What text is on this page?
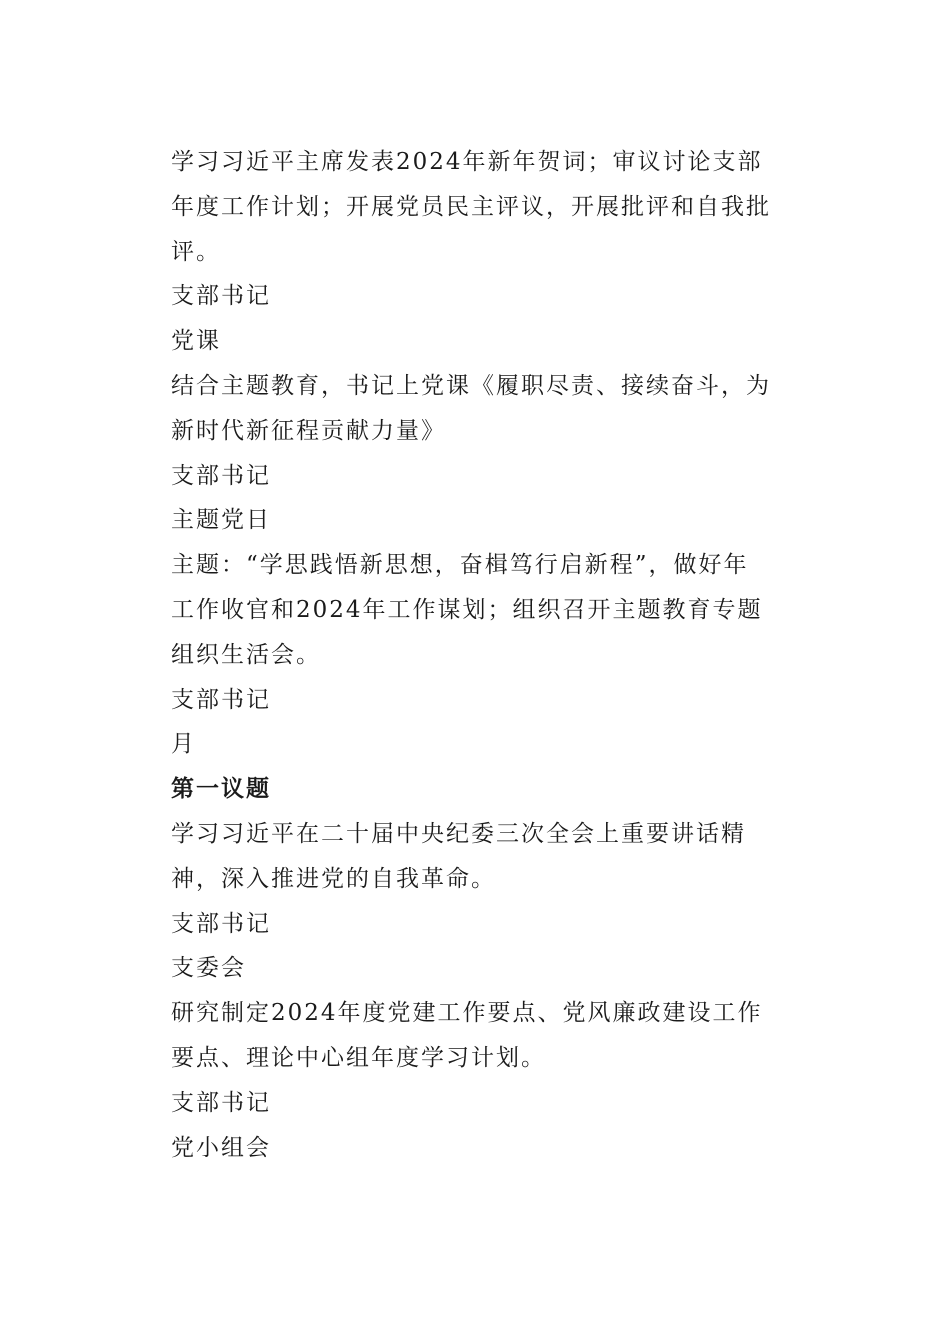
学习习近平主席发表2024年新年贺词；审议讨论支部年度工作计划；开展党员民主评议，开展批评和自我批评。

支部书记

党课

结合主题教育，书记上党课《履职尽责、接续奋斗，为新时代新征程贡献力量》

支部书记

主题党日

主题：“学思践悟新思想，奋楫笃行启新程”，做好年工作收官和2024年工作谋划；组织召开主题教育专题组织生活会。

支部书记

月

第一议题

学习习近平在二十届中央纪委三次全会上重要讲话精神，深入推进党的自我革命。

支部书记

支委会

研究制定2024年度党建工作要点、党风廉政建设工作要点、理论中心组年度学习计划。

支部书记

党小组会
